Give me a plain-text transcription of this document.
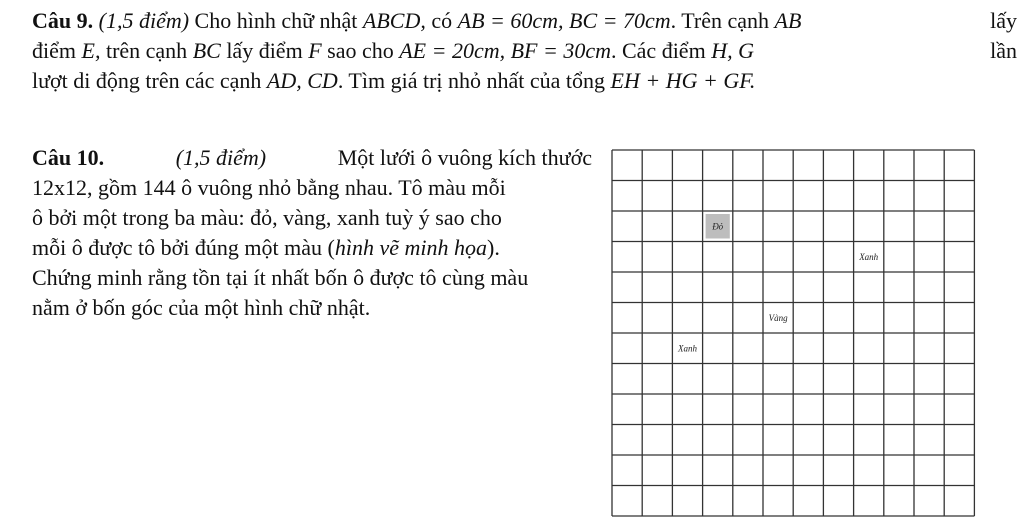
Câu 9. (1,5 điểm) Cho hình chữ nhật ABCD, có AB = 60cm, BC = 70cm. Trên cạnh AB	lấy
điểm E, trên cạnh BC lấy điểm F sao cho AE = 20cm, BF = 30cm. Các điểm H, G	lần
lượt di động trên các cạnh AD, CD. Tìm giá trị nhỏ nhất của tổng EH + HG + GF.
Câu 10.	(1,5 điểm)	Một lưới ô vuông kích thước
12x12, gồm 144 ô vuông nhỏ bằng nhau. Tô màu mỗi
ô bởi một trong ba màu: đỏ, vàng, xanh tuỳ ý sao cho
mỗi ô được tô bởi đúng một màu (hình vẽ minh họa).
Chứng minh rằng tồn tại ít nhất bốn ô được tô cùng màu
nằm ở bốn góc của một hình chữ nhật.
Đỏ
Xanh
Vàng
Xanh
